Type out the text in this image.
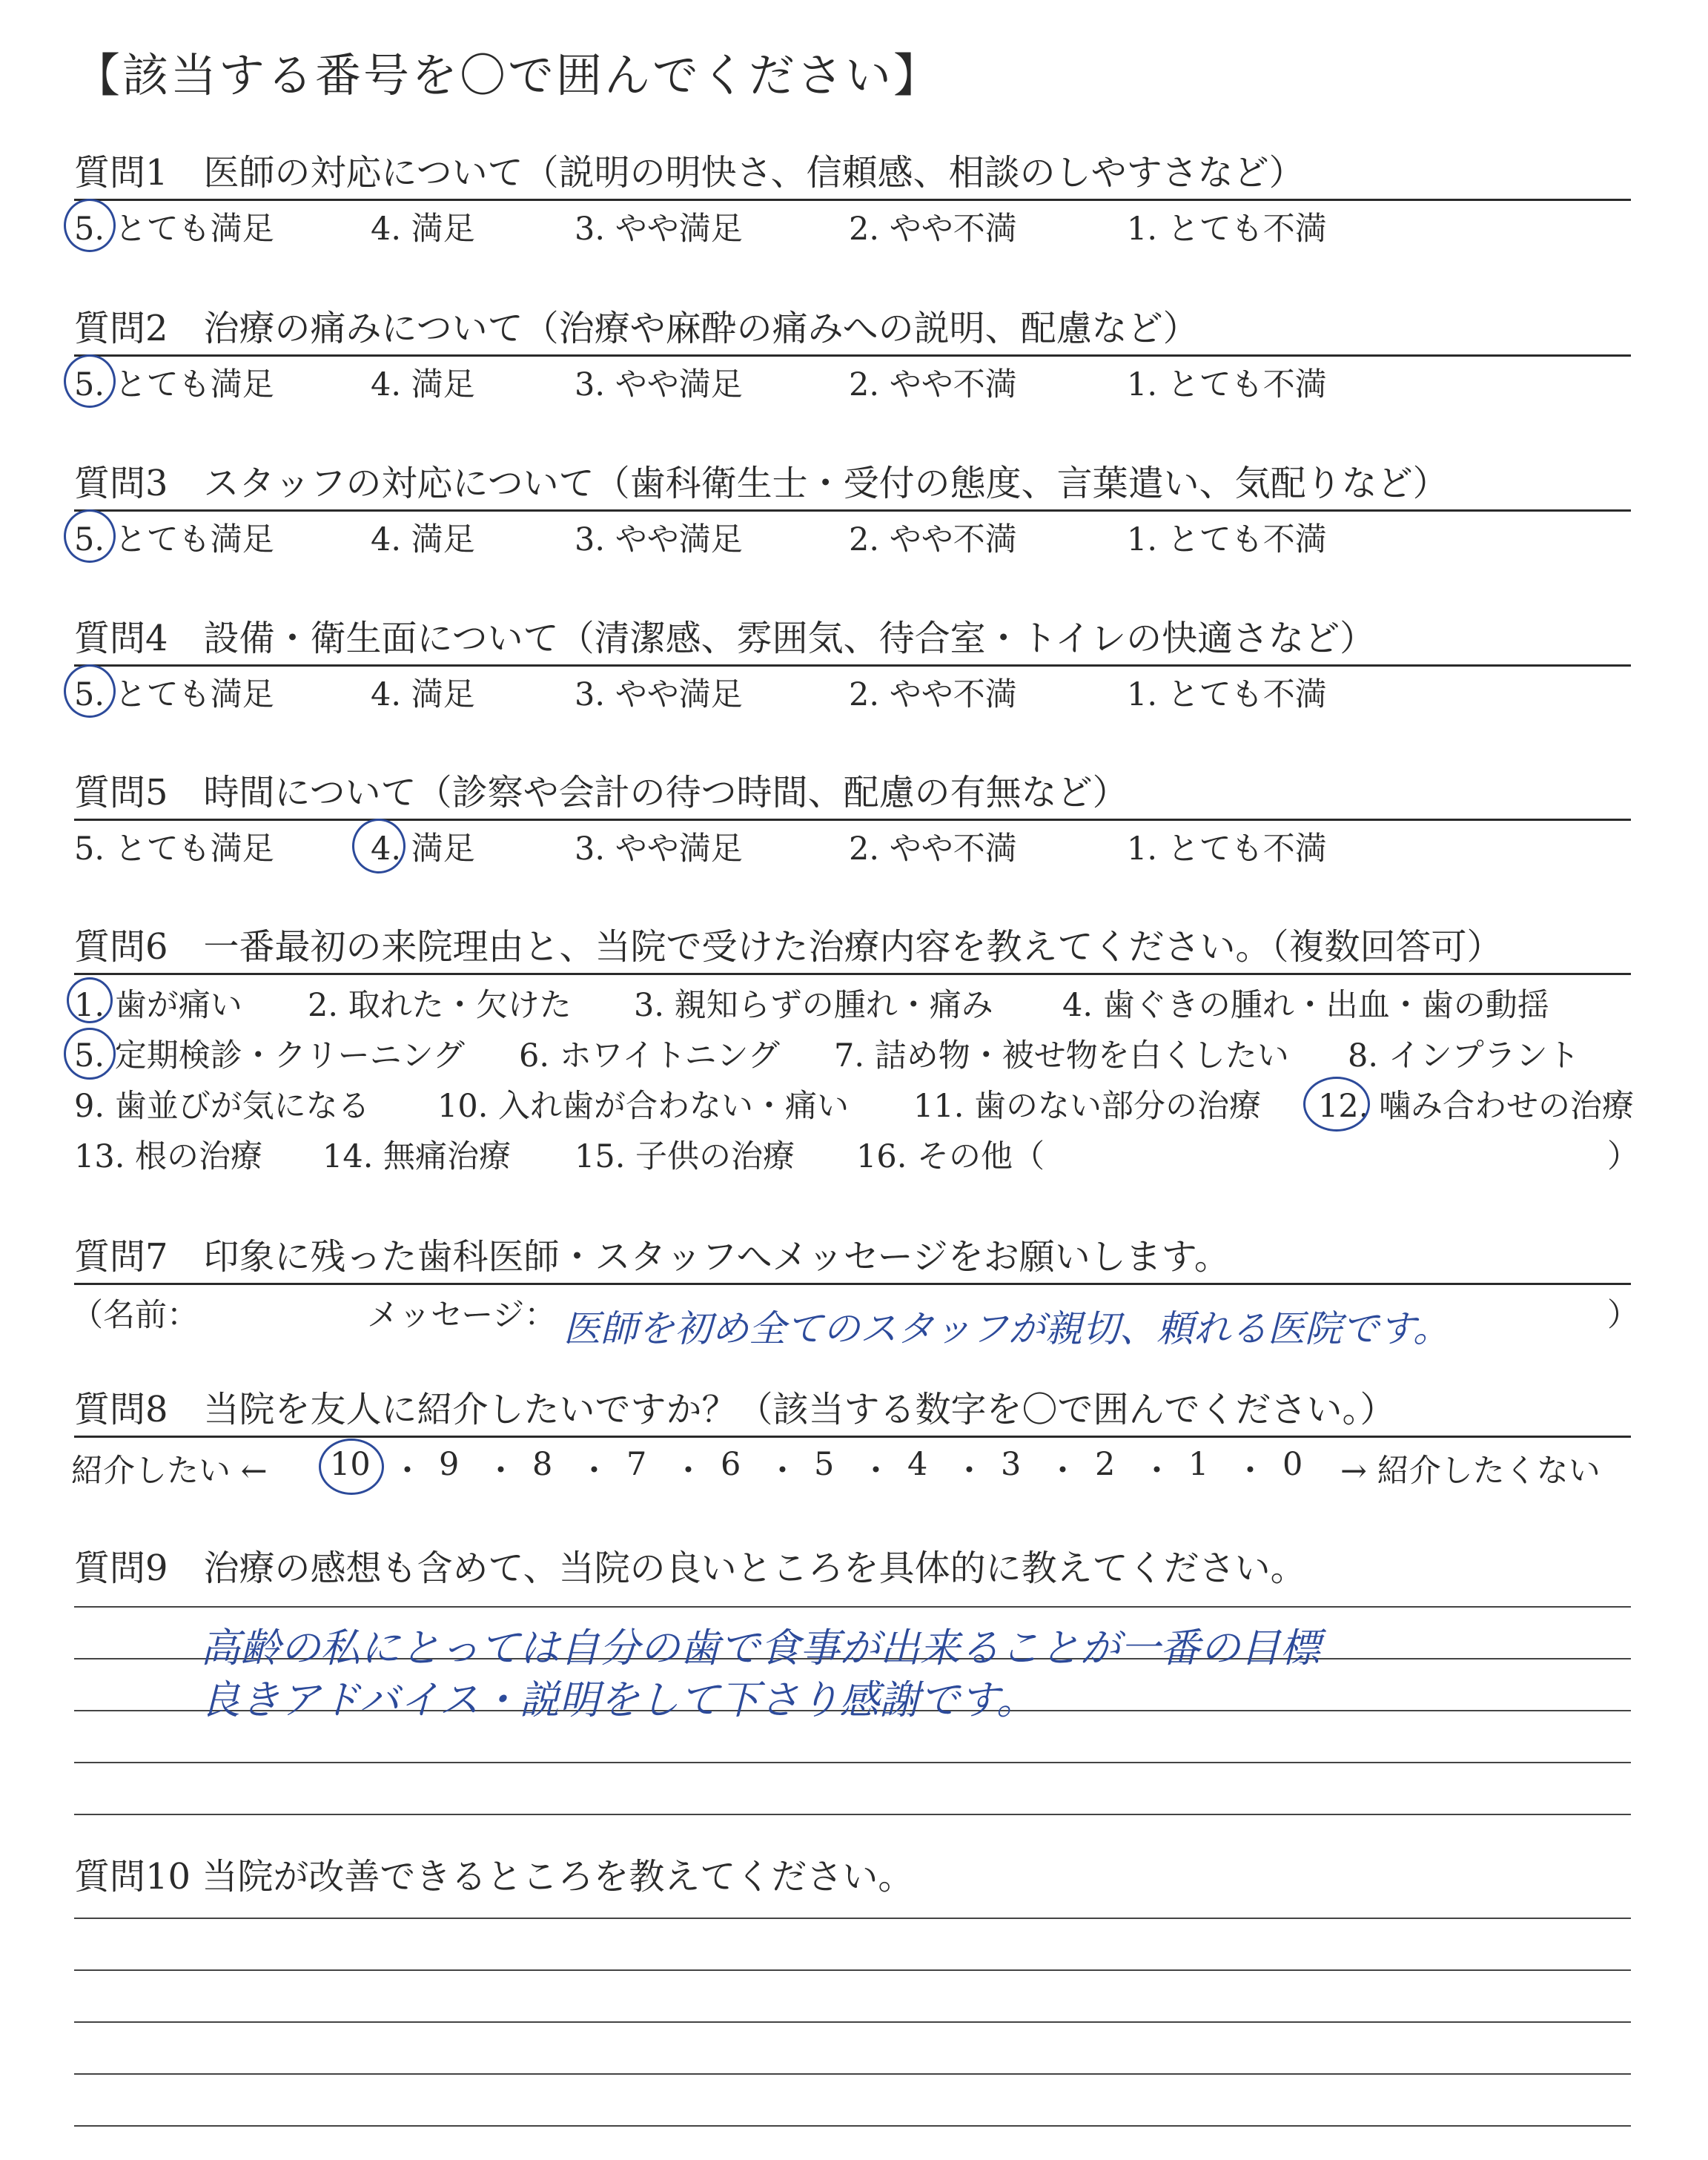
【該当する番号を〇で囲んでください】
質問1　医師の対応について（説明の明快さ、信頼感、相談のしやすさなど）
5. とても満足	4. 満足	3. やや満足	2. やや不満	1. とても不満
質問2　治療の痛みについて（治療や麻酔の痛みへの説明、配慮など）
5. とても満足	4. 満足	3. やや満足	2. やや不満	1. とても不満
質問3　スタッフの対応について（歯科衛生士・受付の態度、言葉遣い、気配りなど）
5. とても満足	4. 満足	3. やや満足	2. やや不満	1. とても不満
質問4　設備・衛生面について（清潔感、雰囲気、待合室・トイレの快適さなど）
5. とても満足	4. 満足	3. やや満足	2. やや不満	1. とても不満
質問5　時間について（診察や会計の待つ時間、配慮の有無など）
5. とても満足	4. 満足	3. やや満足	2. やや不満	1. とても不満
質問6　一番最初の来院理由と、当院で受けた治療内容を教えてください。（複数回答可）
1. 歯が痛い 2. 取れた・欠けた 3. 親知らずの腫れ・痛み 4. 歯ぐきの腫れ・出血・歯の動揺
5. 定期検診・クリーニング 6. ホワイトニング 7. 詰め物・被せ物を白くしたい 8. インプラント
9. 歯並びが気になる 10. 入れ歯が合わない・痛い 11. 歯のない部分の治療 12. 噛み合わせの治療
13. 根の治療 14. 無痛治療 15. 子供の治療 16. その他（	）
質問7　印象に残った歯科医師・スタッフへメッセージをお願いします。
（名前：	メッセージ： 医師を初め全てのスタッフが親切、頼れる医院です。	）
質問8　当院を友人に紹介したいですか？（該当する数字を〇で囲んでください。）
紹介したい ←	→ 紹介したくない
10 ・ 9 ・ 8 ・ 7 ・ 6 ・ 5 ・ 4 ・ 3 ・ 2 ・ 1 ・ 0
質問9　治療の感想も含めて、当院の良いところを具体的に教えてください。
高齢の私にとっては自分の歯で食事が出来ることが一番の目標
良きアドバイス・説明をして下さり感謝です。
質問10 当院が改善できるところを教えてください。
